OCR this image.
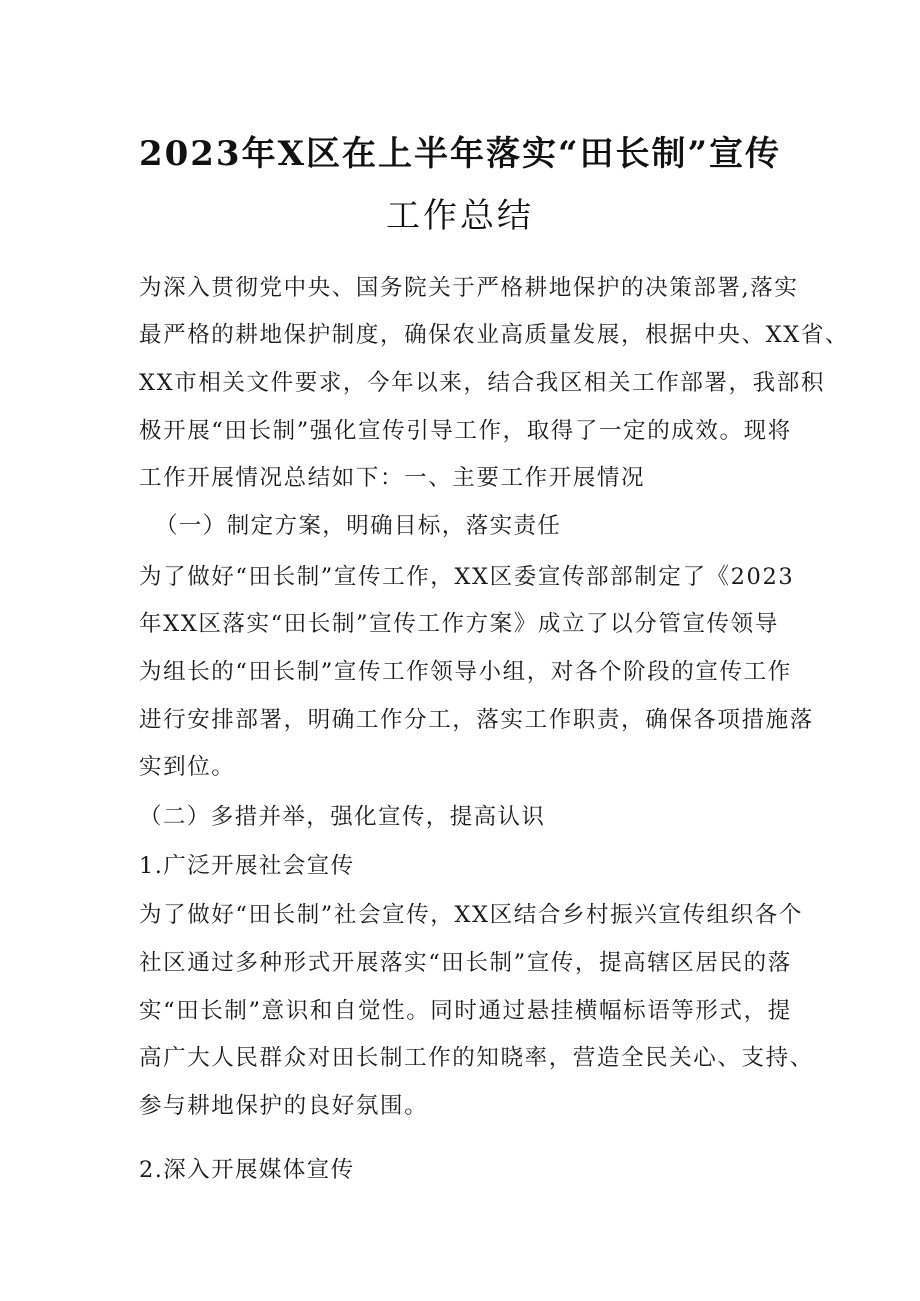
2023年X区在上半年落实“田长制”宣传
工作总结
为深入贯彻党中央、国务院关于严格耕地保护的决策部署,落实
最严格的耕地保护制度，确保农业高质量发展，根据中央、XX省、
XX市相关文件要求，今年以来，结合我区相关工作部署，我部积
极开展“田长制”强化宣传引导工作，取得了一定的成效。现将
工作开展情况总结如下：一、主要工作开展情况
（一）制定方案，明确目标，落实责任
为了做好“田长制”宣传工作，XX区委宣传部部制定了《2023
年XX区落实“田长制”宣传工作方案》成立了以分管宣传领导
为组长的“田长制”宣传工作领导小组，对各个阶段的宣传工作
进行安排部署，明确工作分工，落实工作职责，确保各项措施落
实到位。
（二）多措并举，强化宣传，提高认识
1.广泛开展社会宣传
为了做好“田长制”社会宣传，XX区结合乡村振兴宣传组织各个
社区通过多种形式开展落实“田长制”宣传，提高辖区居民的落
实“田长制”意识和自觉性。同时通过悬挂横幅标语等形式，提
高广大人民群众对田长制工作的知晓率，营造全民关心、支持、
参与耕地保护的良好氛围。
2.深入开展媒体宣传
